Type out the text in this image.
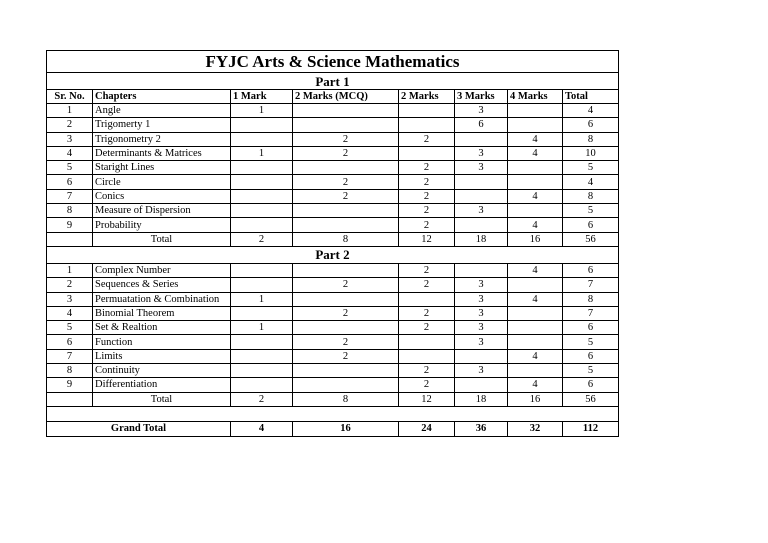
FYJC Arts & Science Mathematics							
Part 1							
Sr. No.	Chapters	1 Mark	2 Marks (MCQ)	2 Marks	3 Marks	4 Marks	Total
1	Angle	1			3		4
2	Trigomerty 1				6		6
3	Trigonometry 2		2	2		4	8
4	Determinants & Matrices	1	2		3	4	10
5	Staright Lines			2	3		5
6	Circle		2	2			4
7	Conics		2	2		4	8
8	Measure of Dispersion			2	3		5
9	Probability			2		4	6
	Total	2	8	12	18	16	56
Part 2							
1	Complex Number			2		4	6
2	Sequences & Series		2	2	3		7
3	Permuatation & Combination	1			3	4	8
4	Binomial Theorem		2	2	3		7
5	Set & Realtion	1		2	3		6
6	Function		2		3		5
7	Limits		2			4	6
8	Continuity			2	3		5
9	Differentiation			2		4	6
	Total	2	8	12	18	16	56

Grand Total		4	16	24	36	32	112
